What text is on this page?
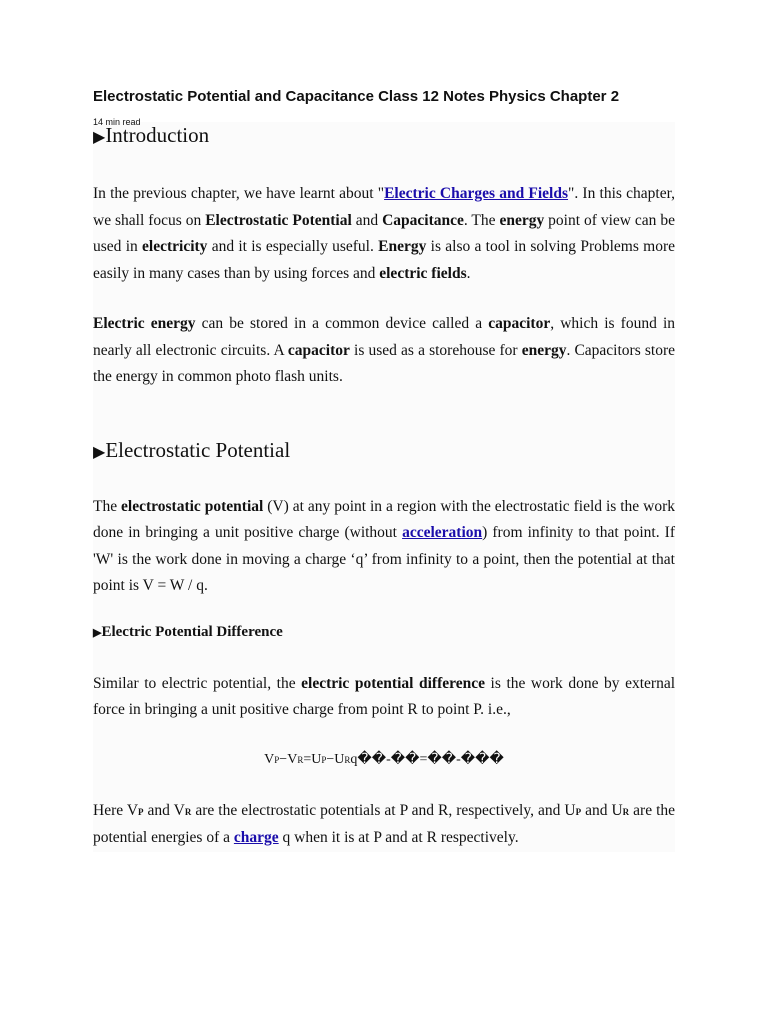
Electrostatic Potential and Capacitance Class 12 Notes Physics Chapter 2
14 min read
▶Introduction

In the previous chapter, we have learnt about "Electric Charges and Fields". In this chapter, we shall focus on Electrostatic Potential and Capacitance. The energy point of view can be used in electricity and it is especially useful. Energy is also a tool in solving Problems more easily in many cases than by using forces and electric fields.

Electric energy can be stored in a common device called a capacitor, which is found in nearly all electronic circuits. A capacitor is used as a storehouse for energy. Capacitors store the energy in common photo flash units.

▶Electrostatic Potential

The electrostatic potential (V) at any point in a region with the electrostatic field is the work done in bringing a unit positive charge (without acceleration) from infinity to that point. If 'W' is the work done in moving a charge ‘q’ from infinity to a point, then the potential at that point is V = W / q.

▶Electric Potential Difference

Similar to electric potential, the electric potential difference is the work done by external force in bringing a unit positive charge from point R to point P. i.e.,

VP−VR=UP−URq��-��=��-���

Here VP and VR are the electrostatic potentials at P and R, respectively, and UP and UR are the potential energies of a charge q when it is at P and at R respectively.
